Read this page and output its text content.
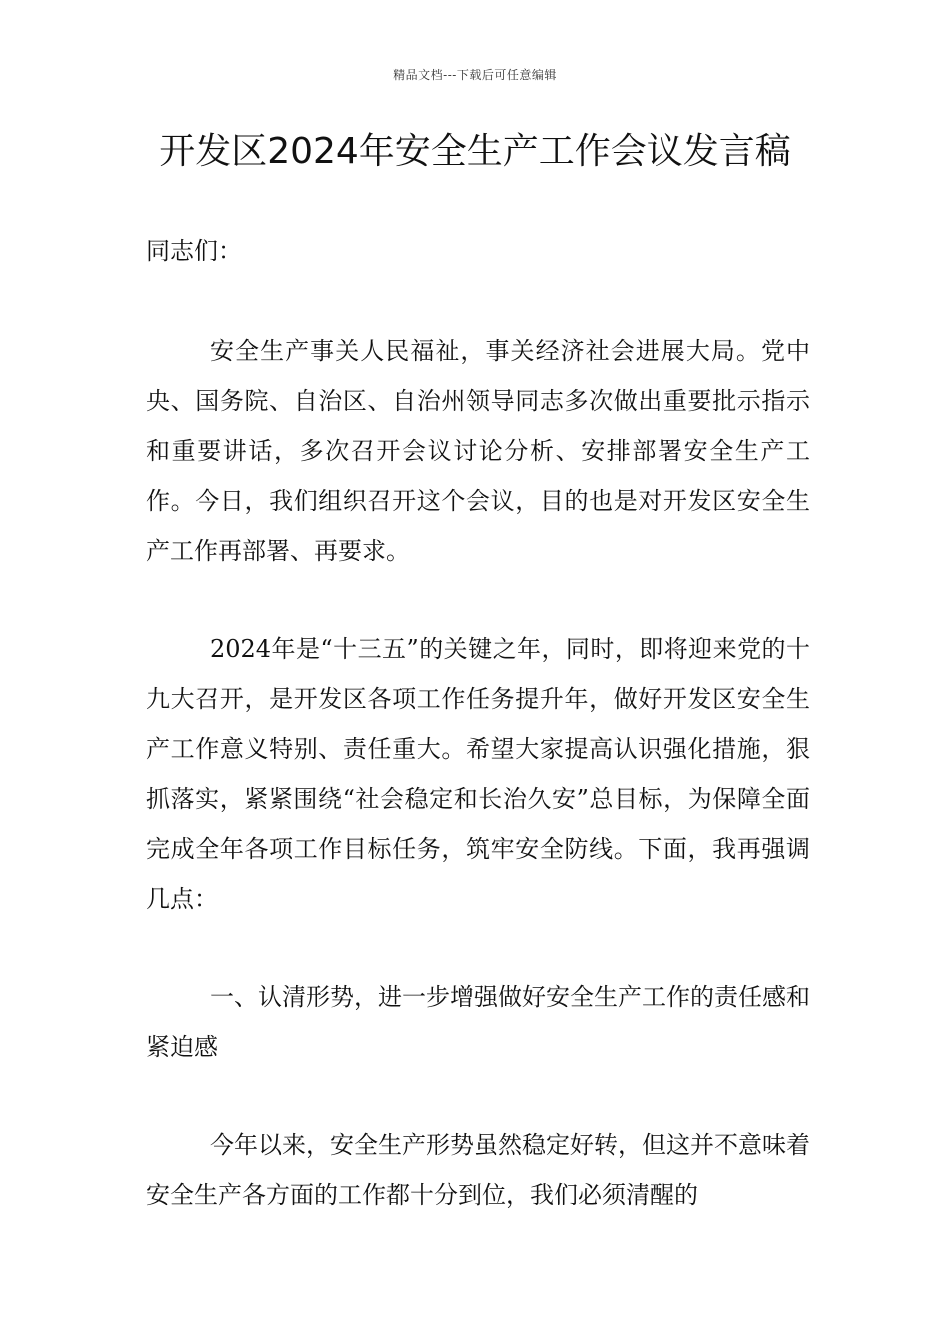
精品文档---下载后可任意编辑
开发区2024年安全生产工作会议发言稿

同志们：

安全生产事关人民福祉，事关经济社会进展大局。党中央、国务院、自治区、自治州领导同志多次做出重要批示指示和重要讲话，多次召开会议讨论分析、安排部署安全生产工作。今日，我们组织召开这个会议，目的也是对开发区安全生产工作再部署、再要求。

2024年是“十三五”的关键之年，同时，即将迎来党的十九大召开，是开发区各项工作任务提升年，做好开发区安全生产工作意义特别、责任重大。希望大家提高认识强化措施，狠抓落实，紧紧围绕“社会稳定和长治久安”总目标，为保障全面完成全年各项工作目标任务，筑牢安全防线。下面，我再强调几点：

一、认清形势，进一步增强做好安全生产工作的责任感和紧迫感

今年以来，安全生产形势虽然稳定好转，但这并不意味着安全生产各方面的工作都十分到位，我们必须清醒的
